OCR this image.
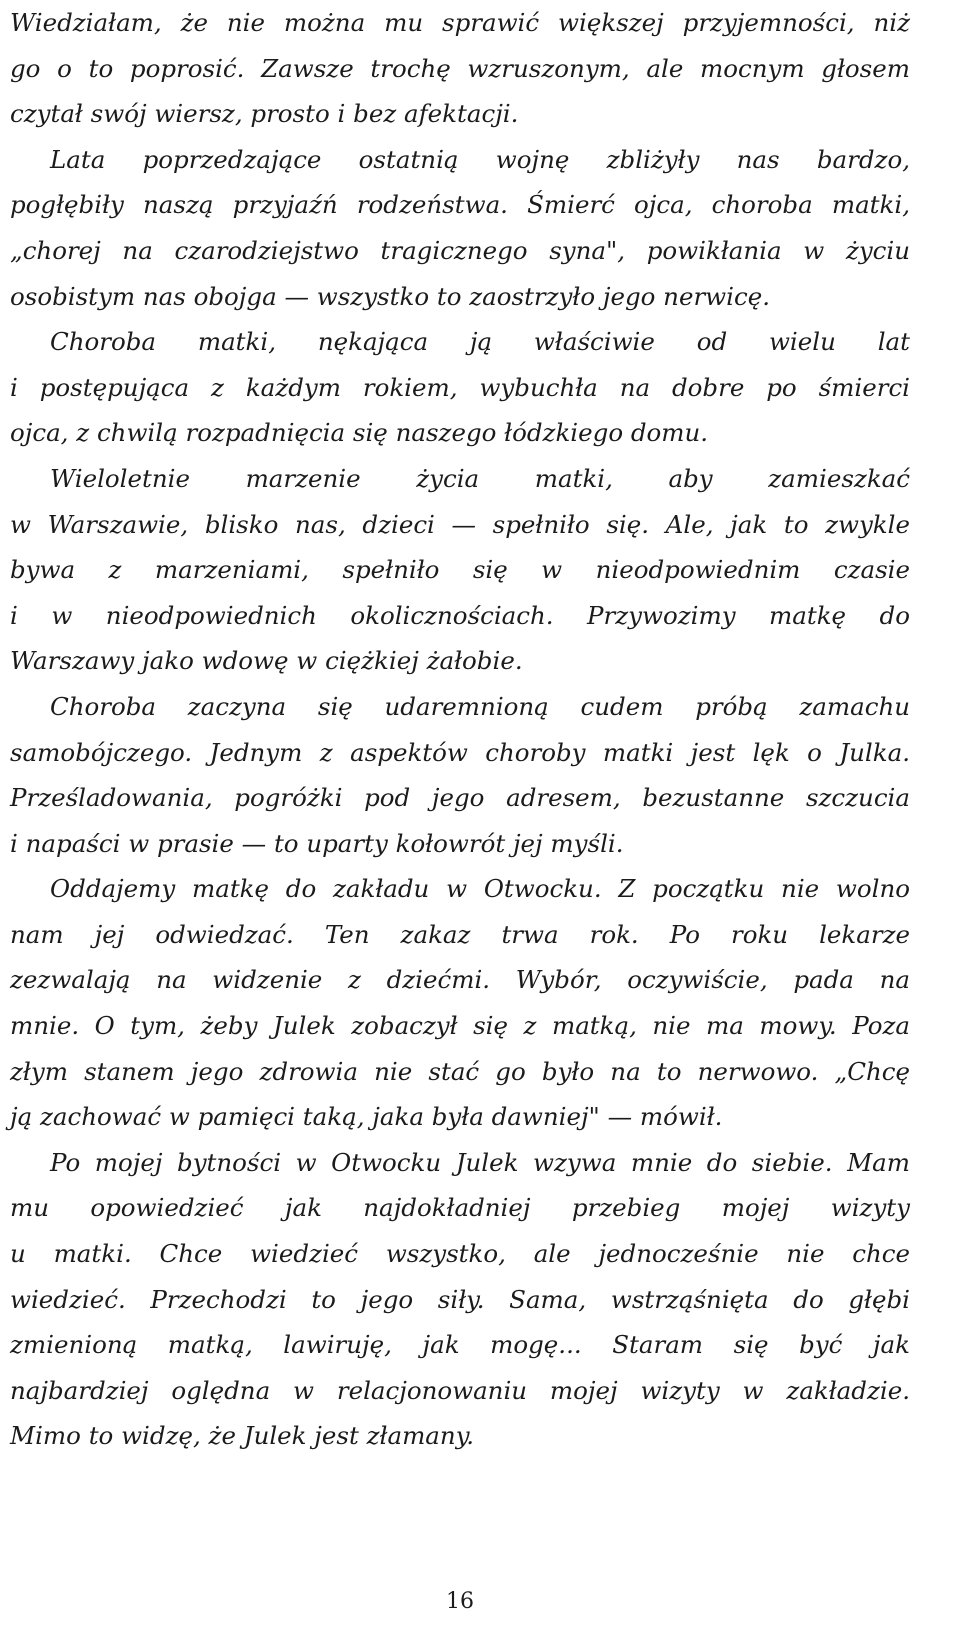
Wiedziałam, że nie można mu sprawić większej przyjemności, niż
go o to poprosić. Zawsze trochę wzruszonym, ale mocnym głosem
czytał swój wiersz, prosto i bez afektacji.
Lata poprzedzające ostatnią wojnę zbliżyły nas bardzo,
pogłębiły naszą przyjaźń rodzeństwa. Śmierć ojca, choroba matki,
„chorej na czarodziejstwo tragicznego syna", powikłania w życiu
osobistym nas obojga — wszystko to zaostrzyło jego nerwicę.
Choroba matki, nękająca ją właściwie od wielu lat
i postępująca z każdym rokiem, wybuchła na dobre po śmierci
ojca, z chwilą rozpadnięcia się naszego łódzkiego domu.
Wieloletnie marzenie życia matki, aby zamieszkać
w Warszawie, blisko nas, dzieci — spełniło się. Ale, jak to zwykle
bywa z marzeniami, spełniło się w nieodpowiednim czasie
i w nieodpowiednich okolicznościach. Przywozimy matkę do
Warszawy jako wdowę w ciężkiej żałobie.
Choroba zaczyna się udaremnioną cudem próbą zamachu
samobójczego. Jednym z aspektów choroby matki jest lęk o Julka.
Prześladowania, pogróżki pod jego adresem, bezustanne szczucia
i napaści w prasie — to uparty kołowrót jej myśli.
Oddajemy matkę do zakładu w Otwocku. Z początku nie wolno
nam jej odwiedzać. Ten zakaz trwa rok. Po roku lekarze
zezwalają na widzenie z dziećmi. Wybór, oczywiście, pada na
mnie. O tym, żeby Julek zobaczył się z matką, nie ma mowy. Poza
złym stanem jego zdrowia nie stać go było na to nerwowo. „Chcę
ją zachować w pamięci taką, jaka była dawniej" — mówił.
Po mojej bytności w Otwocku Julek wzywa mnie do siebie. Mam
mu opowiedzieć jak najdokładniej przebieg mojej wizyty
u matki. Chce wiedzieć wszystko, ale jednocześnie nie chce
wiedzieć. Przechodzi to jego siły. Sama, wstrząśnięta do głębi
zmienioną matką, lawiruję, jak mogę... Staram się być jak
najbardziej oględna w relacjonowaniu mojej wizyty w zakładzie.
Mimo to widzę, że Julek jest złamany.
16
